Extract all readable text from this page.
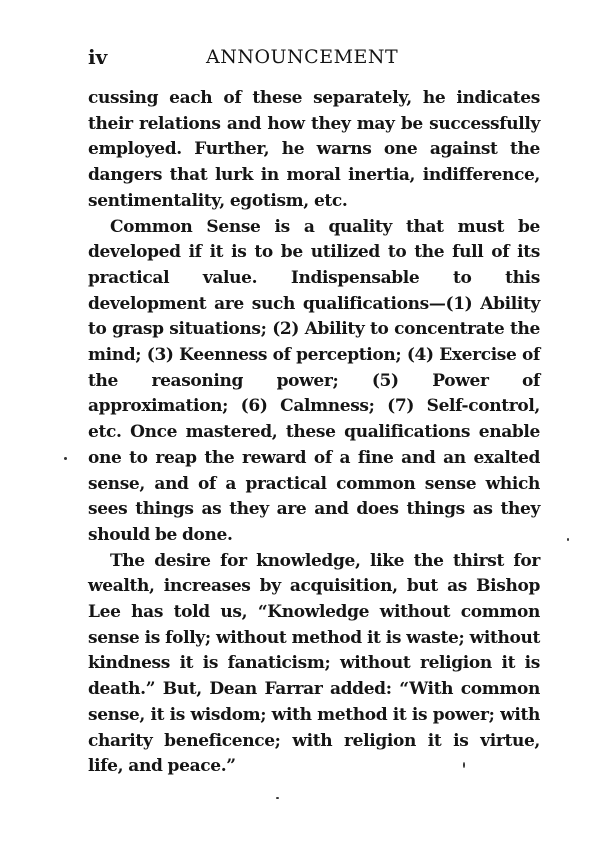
iv	ANNOUNCEMENT

cussing each of these separately, he indicates their relations and how they may be successfully employed. Further, he warns one against the dangers that lurk in moral inertia, indifference, sentimentality, egotism, etc.

Common Sense is a quality that must be developed if it is to be utilized to the full of its practical value. Indispensable to this development are such qualifications—(1) Ability to grasp situations; (2) Ability to concentrate the mind; (3) Keenness of perception; (4) Exercise of the reasoning power; (5) Power of approximation; (6) Calmness; (7) Self-control, etc. Once mastered, these qualifications enable one to reap the reward of a fine and an exalted sense, and of a practical common sense which sees things as they are and does things as they should be done.

The desire for knowledge, like the thirst for wealth, increases by acquisition, but as Bishop Lee has told us, “Knowledge without common sense is folly; without method it is waste; without kindness it is fanaticism; without religion it is death.” But, Dean Farrar added: “With common sense, it is wisdom; with method it is power; with charity beneficence; with religion it is virtue, life, and peace.”
